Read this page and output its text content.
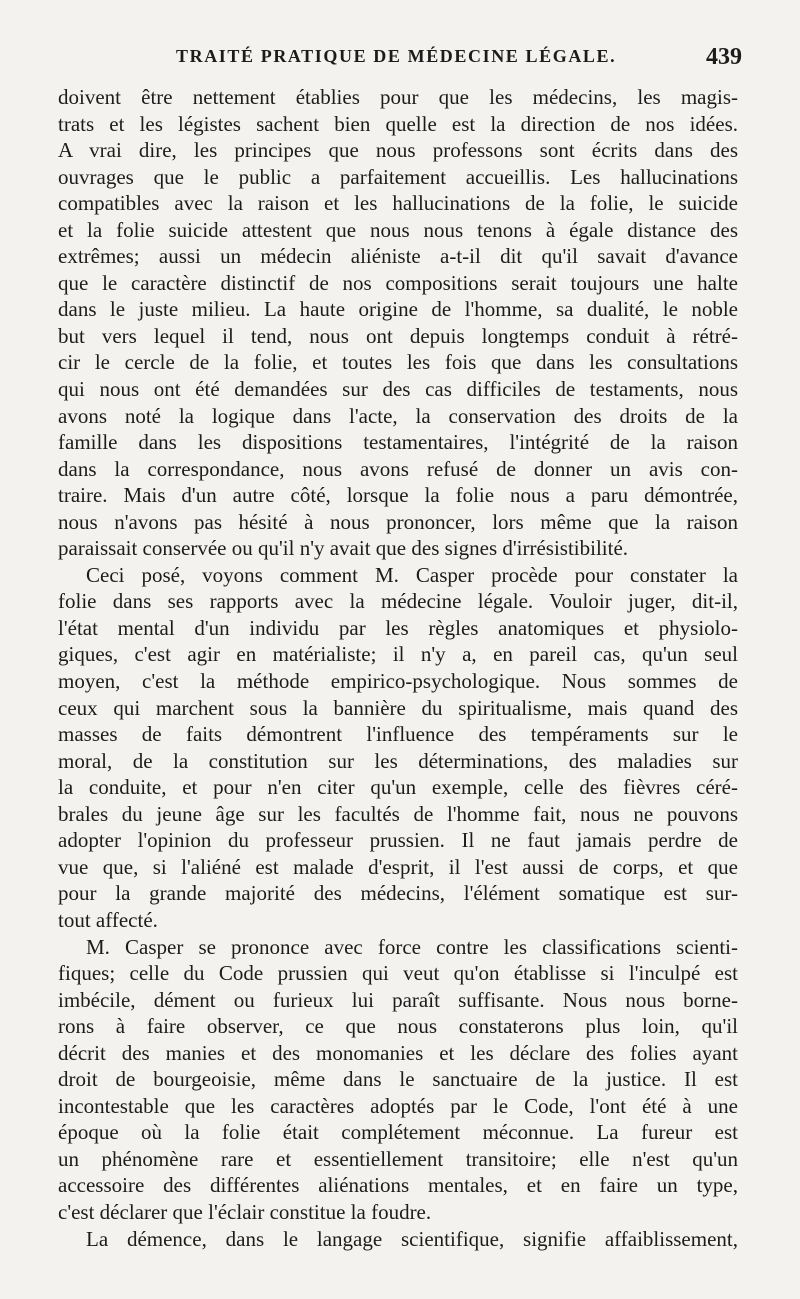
TRAITÉ PRATIQUE DE MÉDECINE LÉGALE.	439
doivent être nettement établies pour que les médecins, les magis-
trats et les légistes sachent bien quelle est la direction de nos idées.
A vrai dire, les principes que nous professons sont écrits dans des
ouvrages que le public a parfaitement accueillis. Les hallucinations
compatibles avec la raison et les hallucinations de la folie, le suicide
et la folie suicide attestent que nous nous tenons à égale distance des
extrêmes; aussi un médecin aliéniste a-t-il dit qu'il savait d'avance
que le caractère distinctif de nos compositions serait toujours une halte
dans le juste milieu. La haute origine de l'homme, sa dualité, le noble
but vers lequel il tend, nous ont depuis longtemps conduit à rétré-
cir le cercle de la folie, et toutes les fois que dans les consultations
qui nous ont été demandées sur des cas difficiles de testaments, nous
avons noté la logique dans l'acte, la conservation des droits de la
famille dans les dispositions testamentaires, l'intégrité de la raison
dans la correspondance, nous avons refusé de donner un avis con-
traire. Mais d'un autre côté, lorsque la folie nous a paru démontrée,
nous n'avons pas hésité à nous prononcer, lors même que la raison
paraissait conservée ou qu'il n'y avait que des signes d'irrésistibilité.
Ceci posé, voyons comment M. Casper procède pour constater la
folie dans ses rapports avec la médecine légale. Vouloir juger, dit-il,
l'état mental d'un individu par les règles anatomiques et physiolo-
giques, c'est agir en matérialiste; il n'y a, en pareil cas, qu'un seul
moyen, c'est la méthode empirico-psychologique. Nous sommes de
ceux qui marchent sous la bannière du spiritualisme, mais quand des
masses de faits démontrent l'influence des tempéraments sur le
moral, de la constitution sur les déterminations, des maladies sur
la conduite, et pour n'en citer qu'un exemple, celle des fièvres céré-
brales du jeune âge sur les facultés de l'homme fait, nous ne pouvons
adopter l'opinion du professeur prussien. Il ne faut jamais perdre de
vue que, si l'aliéné est malade d'esprit, il l'est aussi de corps, et que
pour la grande majorité des médecins, l'élément somatique est sur-
tout affecté.
M. Casper se prononce avec force contre les classifications scienti-
fiques; celle du Code prussien qui veut qu'on établisse si l'inculpé est
imbécile, dément ou furieux lui paraît suffisante. Nous nous borne-
rons à faire observer, ce que nous constaterons plus loin, qu'il
décrit des manies et des monomanies et les déclare des folies ayant
droit de bourgeoisie, même dans le sanctuaire de la justice. Il est
incontestable que les caractères adoptés par le Code, l'ont été à une
époque où la folie était complétement méconnue. La fureur est
un phénomène rare et essentiellement transitoire; elle n'est qu'un
accessoire des différentes aliénations mentales, et en faire un type,
c'est déclarer que l'éclair constitue la foudre.
La démence, dans le langage scientifique, signifie affaiblissement,
